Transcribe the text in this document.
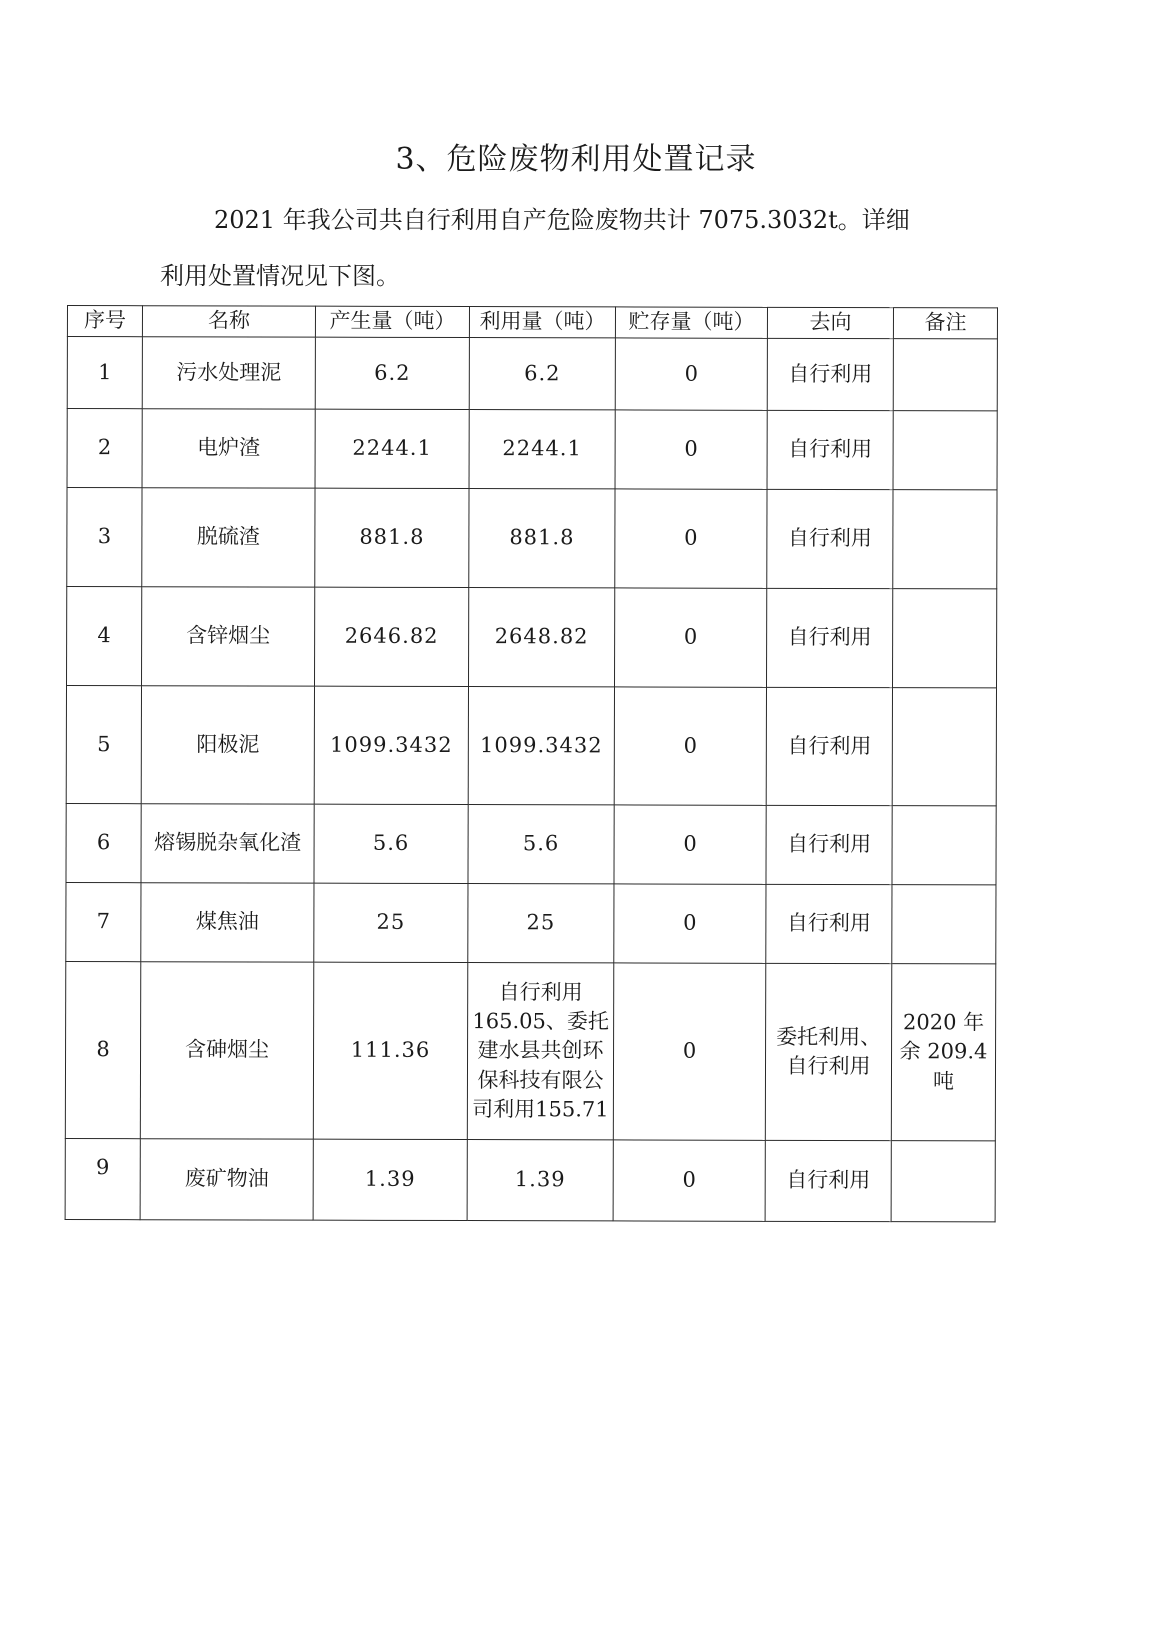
3、危险废物利用处置记录

2021 年我公司共自行利用自产危险废物共计 7075.3032t。详细

利用处置情况见下图。

序号	名称	产生量（吨）	利用量（吨）	贮存量（吨）	去向	备注
1	污水处理泥	6.2	6.2	0	自行利用	
2	电炉渣	2244.1	2244.1	0	自行利用	
3	脱硫渣	881.8	881.8	0	自行利用	
4	含锌烟尘	2646.82	2648.82	0	自行利用	
5	阳极泥	1099.3432	1099.3432	0	自行利用	
6	熔锡脱杂氧化渣	5.6	5.6	0	自行利用	
7	煤焦油	25	25	0	自行利用	
8	含砷烟尘	111.36	自行利用165.05、委托建水县共创环保科技有限公司利用155.71	0	委托利用、自行利用	2020 年余 209.4 吨
9	废矿物油	1.39	1.39	0	自行利用	
